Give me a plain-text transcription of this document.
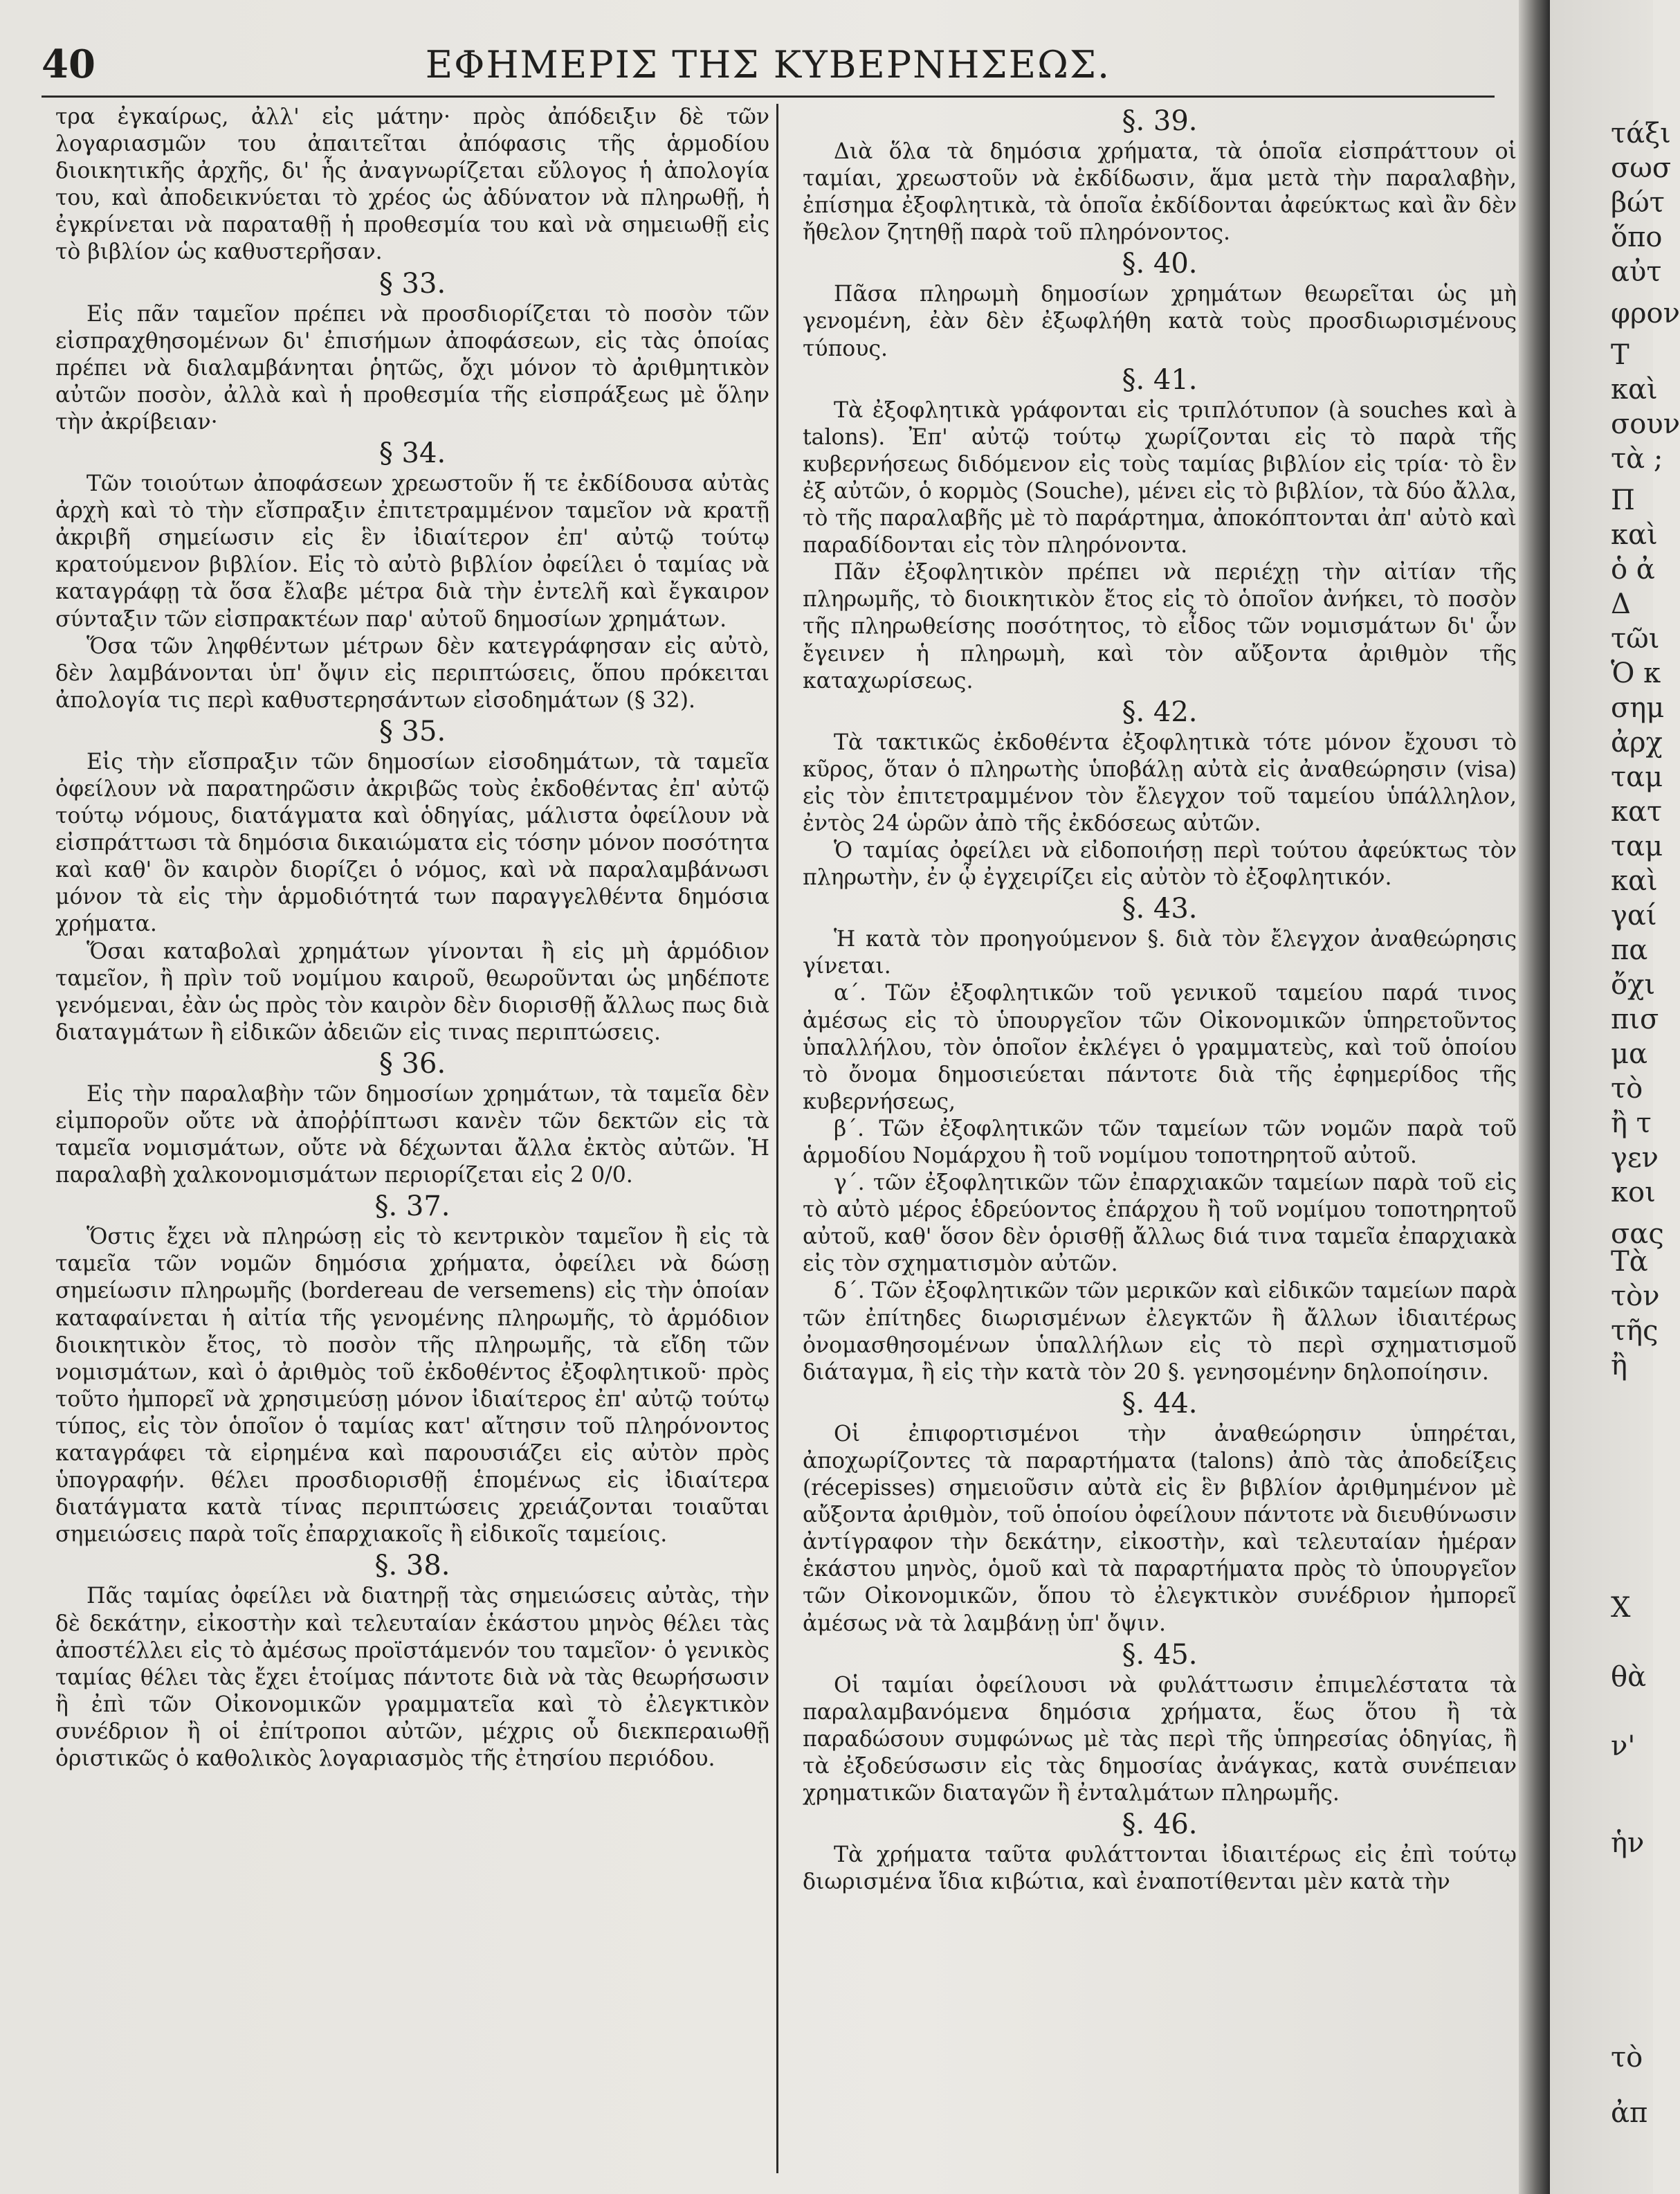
40	ΕΦΗΜΕΡΙΣ ΤΗΣ ΚΥΒΕΡΝΗΣΕΩΣ.

τρα ἐγκαίρως, ἀλλ' εἰς μάτην· πρὸς ἀπόδειξιν δὲ τῶν λογαριασμῶν του ἀπαιτεῖται ἀπόφασις τῆς ἁρμοδίου διοικητικῆς ἀρχῆς, δι' ἧς ἀναγνωρίζεται εὔλογος ἡ ἀπολογία του, καὶ ἀποδεικνύεται τὸ χρέος ὡς ἀδύνατον νὰ πληρωθῇ, ἡ ἐγκρίνεται νὰ παραταθῇ ἡ προθεσμία του καὶ νὰ σημειωθῇ εἰς τὸ βιβλίον ὡς καθυστερῆσαν.

§ 33.

Εἰς πᾶν ταμεῖον πρέπει νὰ προσδιορίζεται τὸ ποσὸν τῶν εἰσπραχθησομένων δι' ἐπισήμων ἀποφάσεων, εἰς τὰς ὁποίας πρέπει νὰ διαλαμβάνηται ῥητῶς, ὄχι μόνον τὸ ἀριθμητικὸν αὐτῶν ποσὸν, ἀλλὰ καὶ ἡ προθεσμία τῆς εἰσπράξεως μὲ ὅλην τὴν ἀκρίβειαν·

§ 34.

Τῶν τοιούτων ἀποφάσεων χρεωστοῦν ἥ τε ἐκδίδουσα αὐτὰς ἀρχὴ καὶ τὸ τὴν εἴσπραξιν ἐπιτετραμμένον ταμεῖον νὰ κρατῇ ἀκριβῆ σημείωσιν εἰς ἓν ἰδιαίτερον ἐπ' αὐτῷ τούτῳ κρατούμενον βιβλίον. Εἰς τὸ αὐτὸ βιβλίον ὀφείλει ὁ ταμίας νὰ καταγράφῃ τὰ ὅσα ἔλαβε μέτρα διὰ τὴν ἐντελῆ καὶ ἔγκαιρον σύνταξιν τῶν εἰσπρακτέων παρ' αὐτοῦ δημοσίων χρημάτων.

Ὅσα τῶν ληφθέντων μέτρων δὲν κατεγράφησαν εἰς αὐτὸ, δὲν λαμβάνονται ὑπ' ὄψιν εἰς περιπτώσεις, ὅπου πρόκειται ἀπολογία τις περὶ καθυστερησάντων εἰσοδημάτων (§ 32).

§ 35.

Εἰς τὴν εἴσπραξιν τῶν δημοσίων εἰσοδημάτων, τὰ ταμεῖα ὀφείλουν νὰ παρατηρῶσιν ἀκριβῶς τοὺς ἐκδοθέντας ἐπ' αὐτῷ τούτῳ νόμους, διατάγματα καὶ ὁδηγίας, μάλιστα ὀφείλουν νὰ εἰσπράττωσι τὰ δημόσια δικαιώματα εἰς τόσην μόνον ποσότητα καὶ καθ' ὃν καιρὸν διορίζει ὁ νόμος, καὶ νὰ παραλαμβάνωσι μόνον τὰ εἰς τὴν ἁρμοδιότητά των παραγγελθέντα δημόσια χρήματα.

Ὅσαι καταβολαὶ χρημάτων γίνονται ἢ εἰς μὴ ἁρμόδιον ταμεῖον, ἢ πρὶν τοῦ νομίμου καιροῦ, θεωροῦνται ὡς μηδέποτε γενόμεναι, ἐὰν ὡς πρὸς τὸν καιρὸν δὲν διορισθῇ ἄλλως πως διὰ διαταγμάτων ἢ εἰδικῶν ἀδειῶν εἰς τινας περιπτώσεις.

§ 36.

Εἰς τὴν παραλαβὴν τῶν δημοσίων χρημάτων, τὰ ταμεῖα δὲν εἰμποροῦν οὔτε νὰ ἀποῤῥίπτωσι κανὲν τῶν δεκτῶν εἰς τὰ ταμεῖα νομισμάτων, οὔτε νὰ δέχωνται ἄλλα ἐκτὸς αὐτῶν. Ἡ παραλαβὴ χαλκονομισμάτων περιορίζεται εἰς 2 0/0.

§. 37.

Ὅστις ἔχει νὰ πληρώσῃ εἰς τὸ κεντρικὸν ταμεῖον ἢ εἰς τὰ ταμεῖα τῶν νομῶν δημόσια χρήματα, ὀφείλει νὰ δώσῃ σημείωσιν πληρωμῆς (bordereau de versemens) εἰς τὴν ὁποίαν καταφαίνεται ἡ αἰτία τῆς γενομένης πληρωμῆς, τὸ ἁρμόδιον διοικητικὸν ἔτος, τὸ ποσὸν τῆς πληρωμῆς, τὰ εἴδη τῶν νομισμάτων, καὶ ὁ ἀριθμὸς τοῦ ἐκδοθέντος ἐξοφλητικοῦ· πρὸς τοῦτο ἠμπορεῖ νὰ χρησιμεύσῃ μόνον ἰδιαίτερος ἐπ' αὐτῷ τούτῳ τύπος, εἰς τὸν ὁποῖον ὁ ταμίας κατ' αἴτησιν τοῦ πληρόνοντος καταγράφει τὰ εἰρημένα καὶ παρουσιάζει εἰς αὐτὸν πρὸς ὑπογραφήν. θέλει προσδιορισθῇ ἑπομένως εἰς ἰδιαίτερα διατάγματα κατὰ τίνας περιπτώσεις χρειάζονται τοιαῦται σημειώσεις παρὰ τοῖς ἐπαρχιακοῖς ἢ εἰδικοῖς ταμείοις.

§. 38.

Πᾶς ταμίας ὀφείλει νὰ διατηρῇ τὰς σημειώσεις αὐτὰς, τὴν δὲ δεκάτην, εἰκοστὴν καὶ τελευταίαν ἑκάστου μηνὸς θέλει τὰς ἀποστέλλει εἰς τὸ ἀμέσως προϊστάμενόν του ταμεῖον· ὁ γενικὸς ταμίας θέλει τὰς ἔχει ἑτοίμας πάντοτε διὰ νὰ τὰς θεωρήσωσιν ἢ ἐπὶ τῶν Οἰκονομικῶν γραμματεῖα καὶ τὸ ἐλεγκτικὸν συνέδριον ἢ οἱ ἐπίτροποι αὐτῶν, μέχρις οὗ διεκπεραιωθῇ ὁριστικῶς ὁ καθολικὸς λογαριασμὸς τῆς ἐτησίου περιόδου.

§. 39.

Διὰ ὅλα τὰ δημόσια χρήματα, τὰ ὁποῖα εἰσπράττουν οἱ ταμίαι, χρεωστοῦν νὰ ἐκδίδωσιν, ἅμα μετὰ τὴν παραλαβὴν, ἐπίσημα ἐξοφλητικὰ, τὰ ὁποῖα ἐκδίδονται ἀφεύκτως καὶ ἂν δὲν ἤθελον ζητηθῇ παρὰ τοῦ πληρόνοντος.

§. 40.

Πᾶσα πληρωμὴ δημοσίων χρημάτων θεωρεῖται ὡς μὴ γενομένη, ἐὰν δὲν ἐξωφλήθη κατὰ τοὺς προσδιωρισμένους τύπους.

§. 41.

Τὰ ἐξοφλητικὰ γράφονται εἰς τριπλότυπον (à souches καὶ à talons). Ἐπ' αὐτῷ τούτῳ χωρίζονται εἰς τὸ παρὰ τῆς κυβερνήσεως διδόμενον εἰς τοὺς ταμίας βιβλίον εἰς τρία· τὸ ἓν ἐξ αὐτῶν, ὁ κορμὸς (Souche), μένει εἰς τὸ βιβλίον, τὰ δύο ἄλλα, τὸ τῆς παραλαβῆς μὲ τὸ παράρτημα, ἀποκόπτονται ἀπ' αὐτὸ καὶ παραδίδονται εἰς τὸν πληρόνοντα.

Πᾶν ἐξοφλητικὸν πρέπει νὰ περιέχῃ τὴν αἰτίαν τῆς πληρωμῆς, τὸ διοικητικὸν ἔτος εἰς τὸ ὁποῖον ἀνήκει, τὸ ποσὸν τῆς πληρωθείσης ποσότητος, τὸ εἶδος τῶν νομισμάτων δι' ὧν ἔγεινεν ἡ πληρωμὴ, καὶ τὸν αὔξοντα ἀριθμὸν τῆς καταχωρίσεως.

§. 42.

Τὰ τακτικῶς ἐκδοθέντα ἐξοφλητικὰ τότε μόνον ἔχουσι τὸ κῦρος, ὅταν ὁ πληρωτὴς ὑποβάλῃ αὐτὰ εἰς ἀναθεώρησιν (visa) εἰς τὸν ἐπιτετραμμένον τὸν ἔλεγχον τοῦ ταμείου ὑπάλληλον, ἐντὸς 24 ὡρῶν ἀπὸ τῆς ἐκδόσεως αὐτῶν.

Ὁ ταμίας ὀφείλει νὰ εἰδοποιήσῃ περὶ τούτου ἀφεύκτως τὸν πληρωτὴν, ἐν ᾧ ἐγχειρίζει εἰς αὐτὸν τὸ ἐξοφλητικόν.

§. 43.

Ἡ κατὰ τὸν προηγούμενον §. διὰ τὸν ἔλεγχον ἀναθεώρησις γίνεται.

α΄. Τῶν ἐξοφλητικῶν τοῦ γενικοῦ ταμείου παρά τινος ἀμέσως εἰς τὸ ὑπουργεῖον τῶν Οἰκονομικῶν ὑπηρετοῦντος ὑπαλλήλου, τὸν ὁποῖον ἐκλέγει ὁ γραμματεὺς, καὶ τοῦ ὁποίου τὸ ὄνομα δημοσιεύεται πάντοτε διὰ τῆς ἐφημερίδος τῆς κυβερνήσεως,

β΄. Τῶν ἐξοφλητικῶν τῶν ταμείων τῶν νομῶν παρὰ τοῦ ἁρμοδίου Νομάρχου ἢ τοῦ νομίμου τοποτηρητοῦ αὐτοῦ.

γ΄. τῶν ἐξοφλητικῶν τῶν ἐπαρχιακῶν ταμείων παρὰ τοῦ εἰς τὸ αὐτὸ μέρος ἑδρεύοντος ἐπάρχου ἢ τοῦ νομίμου τοποτηρητοῦ αὐτοῦ, καθ' ὅσον δὲν ὁρισθῇ ἄλλως διά τινα ταμεῖα ἐπαρχιακὰ εἰς τὸν σχηματισμὸν αὐτῶν.

δ΄. Τῶν ἐξοφλητικῶν τῶν μερικῶν καὶ εἰδικῶν ταμείων παρὰ τῶν ἐπίτηδες διωρισμένων ἐλεγκτῶν ἢ ἄλλων ἰδιαιτέρως ὀνομασθησομένων ὑπαλλήλων εἰς τὸ περὶ σχηματισμοῦ διάταγμα, ἢ εἰς τὴν κατὰ τὸν 20 §. γενησομένην δηλοποίησιν.

§. 44.

Οἱ ἐπιφορτισμένοι τὴν ἀναθεώρησιν ὑπηρέται, ἀποχωρίζοντες τὰ παραρτήματα (talons) ἀπὸ τὰς ἀποδείξεις (récepisses) σημειοῦσιν αὐτὰ εἰς ἓν βιβλίον ἀριθμημένον μὲ αὔξοντα ἀριθμὸν, τοῦ ὁποίου ὀφείλουν πάντοτε νὰ διευθύνωσιν ἀντίγραφον τὴν δεκάτην, εἰκοστὴν, καὶ τελευταίαν ἡμέραν ἑκάστου μηνὸς, ὁμοῦ καὶ τὰ παραρτήματα πρὸς τὸ ὑπουργεῖον τῶν Οἰκονομικῶν, ὅπου τὸ ἐλεγκτικὸν συνέδριον ἠμπορεῖ ἀμέσως νὰ τὰ λαμβάνῃ ὑπ' ὄψιν.

§. 45.

Οἱ ταμίαι ὀφείλουσι νὰ φυλάττωσιν ἐπιμελέστατα τὰ παραλαμβανόμενα δημόσια χρήματα, ἕως ὅτου ἢ τὰ παραδώσουν συμφώνως μὲ τὰς περὶ τῆς ὑπηρεσίας ὁδηγίας, ἢ τὰ ἐξοδεύσωσιν εἰς τὰς δημοσίας ἀνάγκας, κατὰ συνέπειαν χρηματικῶν διαταγῶν ἢ ἐνταλμάτων πληρωμῆς.

§. 46.

Τὰ χρήματα ταῦτα φυλάττονται ἰδιαιτέρως εἰς ἐπὶ τούτῳ διωρισμένα ἴδια κιβώτια, καὶ ἐναποτίθενται μὲν κατὰ τὴν

τάξι
σωσ
βώτ
ὅπο
αὐτ
φρον
Τ
καὶ
σουν
τὰ ;
Π
καὶ
ὁ ἀ
Δ
τῶι
Ὁ κ
σημ
ἀρχ
ταμ
κατ
ταμ
καὶ
γαί
πα
ὄχι
πισ
μα
τὸ
ἢ τ
γεν
κοι
σας
Τὰ
τὸν
τῆς
ἢ
Χ
θὰ
ν'
ἡν
τὸ
ἀπ
